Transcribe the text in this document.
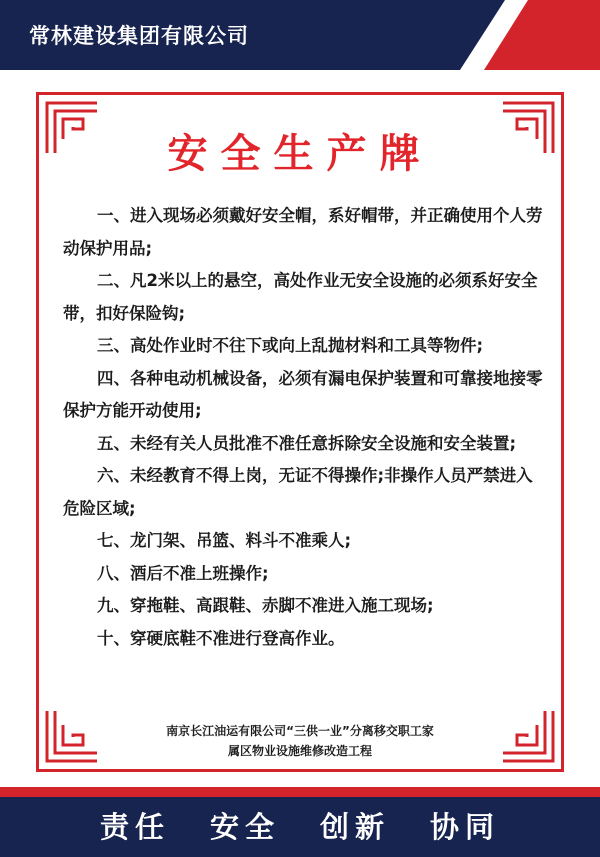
常林建设集团有限公司
安全生产牌

一、进入现场必须戴好安全帽，系好帽带，并正确使用个人劳动保护用品;

二、凡2米以上的悬空，高处作业无安全设施的必须系好安全带，扣好保险钩;

三、高处作业时不往下或向上乱抛材料和工具等物件;

四、各种电动机械设备，必须有漏电保护装置和可靠接地接零保护方能开动使用;

五、未经有关人员批准不准任意拆除安全设施和安全装置;

六、未经教育不得上岗，无证不得操作;非操作人员严禁进入危险区域;

七、龙门架、吊篮、料斗不准乘人;

八、酒后不准上班操作;

九、穿拖鞋、高跟鞋、赤脚不准进入施工现场;

十、穿硬底鞋不准进行登高作业。

南京长江油运有限公司“三供一业”分离移交职工家
属区物业设施维修改造工程
责任 安全 创新 协同
